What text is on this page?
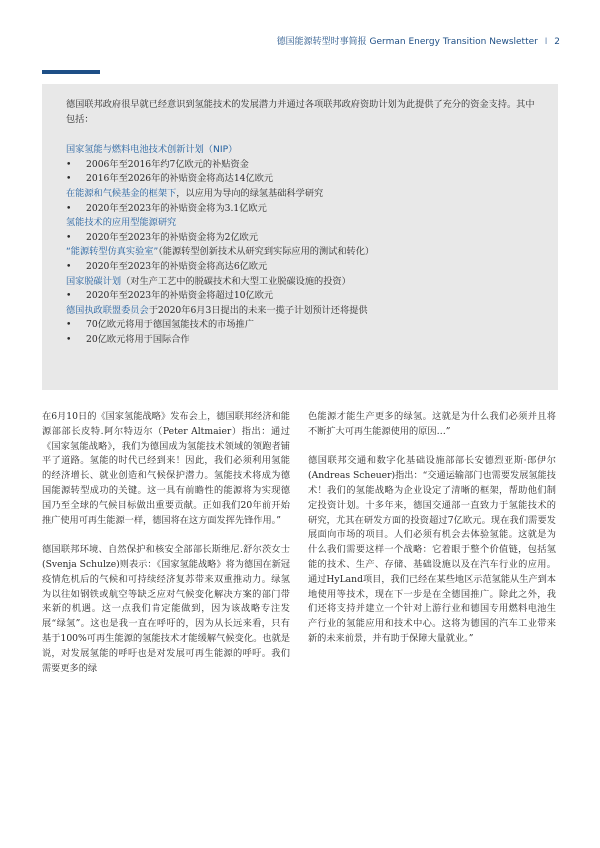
德国能源转型时事简报 German Energy Transition Newsletter I 2
德国联邦政府很早就已经意识到氢能技术的发展潜力并通过各项联邦政府资助计划为此提供了充分的资金支持。其中包括：
国家氢能与燃料电池技术创新计划（NIP）
• 2006年至2016年约7亿欧元的补贴资金
• 2016年至2026年的补贴资金将高达14亿欧元
在能源和气候基金的框架下，以应用为导向的绿氢基础科学研究
• 2020年至2023年的补贴资金将为3.1亿欧元
氢能技术的应用型能源研究
• 2020年至2023年的补贴资金将为2亿欧元
“能源转型仿真实验室”（能源转型创新技术从研究到实际应用的测试和转化）
• 2020年至2023年的补贴资金将高达6亿欧元
国家脱碳计划（对生产工艺中的脱碳技术和大型工业脱碳设施的投资）
• 2020年至2023年的补贴资金将超过10亿欧元
德国执政联盟委员会于2020年6月3日提出的未来一揽子计划预计还将提供
• 70亿欧元将用于德国氢能技术的市场推广
• 20亿欧元将用于国际合作

在6月10日的《国家氢能战略》发布会上，德国联邦经济和能源部部长皮特.阿尔特迈尔（Peter Altmaier）指出：通过《国家氢能战略》，我们为德国成为氢能技术领域的领跑者铺平了道路。氢能的时代已经到来！因此，我们必须利用氢能的经济增长、就业创造和气候保护潜力。氢能技术将成为德国能源转型成功的关键。这一具有前瞻性的能源将为实现德国乃至全球的气候目标做出重要贡献。正如我们20年前开始推广使用可再生能源一样，德国将在这方面发挥先锋作用。”

德国联邦环境、自然保护和核安全部部长斯维尼.舒尔茨女士(Svenja Schulze)则表示：《国家氢能战略》将为德国在新冠疫情危机后的气候和可持续经济复苏带来双重推动力。绿氢为以往如钢铁或航空等缺乏应对气候变化解决方案的部门带来新的机遇。这一点我们肯定能做到，因为该战略专注发展“绿氢”。这也是我一直在呼吁的，因为从长远来看，只有基于100%可再生能源的氢能技术才能缓解气候变化。也就是说，对发展氢能的呼吁也是对发展可再生能源的呼吁。我们需要更多的绿

色能源才能生产更多的绿氢。这就是为什么我们必须并且将不断扩大可再生能源使用的原因…”

德国联邦交通和数字化基础设施部部长安德烈亚斯·郎伊尔(Andreas Scheuer)指出：“交通运输部门也需要发展氢能技术！我们的氢能战略为企业设定了清晰的框架，帮助他们制定投资计划。十多年来，德国交通部一直致力于氢能技术的研究，尤其在研发方面的投资超过7亿欧元。现在我们需要发展面向市场的项目。人们必须有机会去体验氢能。这就是为什么我们需要这样一个战略：它着眼于整个价值链，包括氢能的技术、生产、存储、基础设施以及在汽车行业的应用。通过HyLand项目，我们已经在某些地区示范氢能从生产到本地使用等技术，现在下一步是在全德国推广。除此之外，我们还将支持并建立一个针对上游行业和德国专用燃料电池生产行业的氢能应用和技术中心。这将为德国的汽车工业带来新的未来前景，并有助于保障大量就业。”
